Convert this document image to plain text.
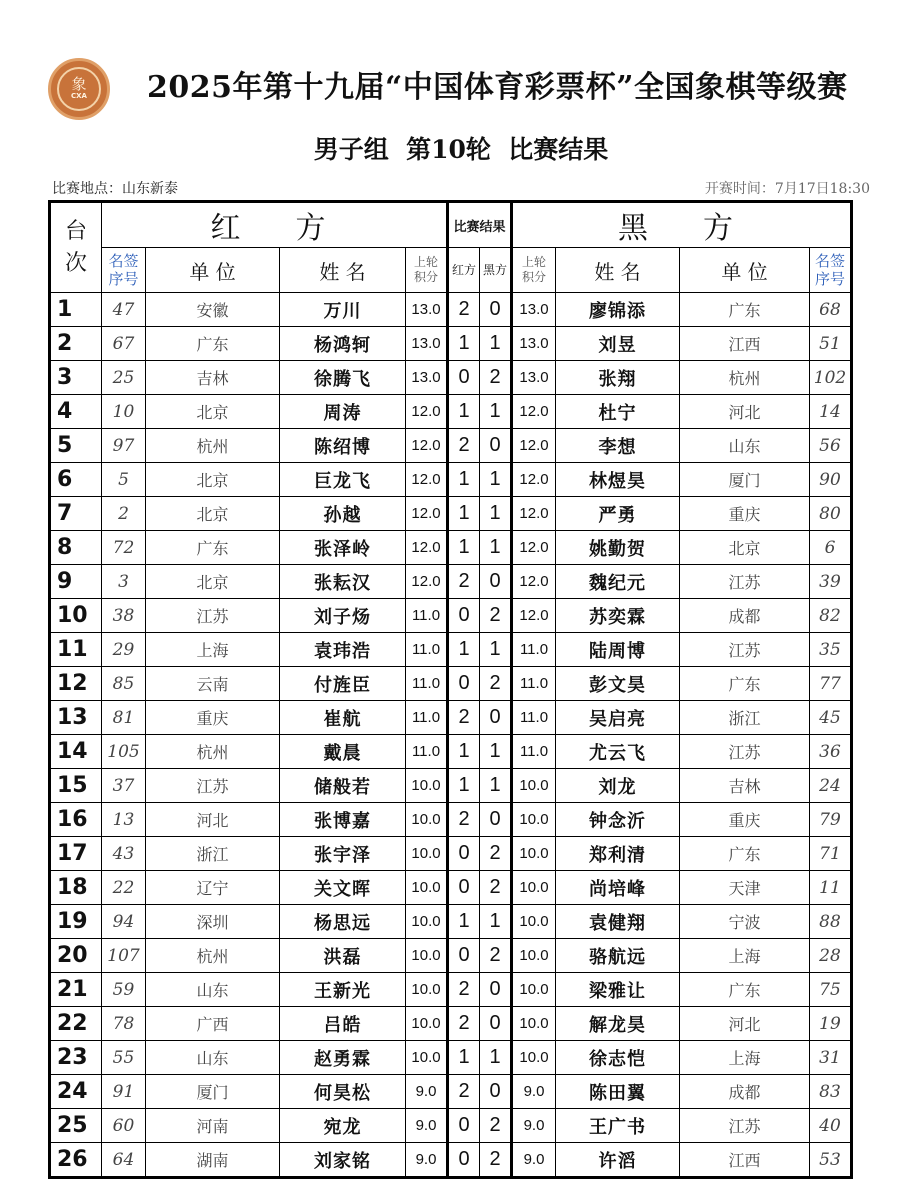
象
CXA 2025年第十九届“中国体育彩票杯”全国象棋等级赛
男子组  第10轮  比赛结果
比赛地点：山东新泰	开赛时间：7月17日18:30
台次	红  方				比赛结果		黑  方			

	名签序号	单 位	姓 名	上轮积分	红方	黑方	上轮积分	姓 名	单 位	名签序号

1	47	安徽	万川	13.0	2	0	13.0	廖锦添	广东	68
2	67	广东	杨鸿轲	13.0	1	1	13.0	刘昱	江西	51
3	25	吉林	徐腾飞	13.0	0	2	13.0	张翔	杭州	102
4	10	北京	周涛	12.0	1	1	12.0	杜宁	河北	14
5	97	杭州	陈绍博	12.0	2	0	12.0	李想	山东	56
6	5	北京	巨龙飞	12.0	1	1	12.0	林煜昊	厦门	90
7	2	北京	孙越	12.0	1	1	12.0	严勇	重庆	80
8	72	广东	张泽岭	12.0	1	1	12.0	姚勤贺	北京	6
9	3	北京	张耘汉	12.0	2	0	12.0	魏纪元	江苏	39
10	38	江苏	刘子炀	11.0	0	2	12.0	苏奕霖	成都	82
11	29	上海	袁玮浩	11.0	1	1	11.0	陆周博	江苏	35
12	85	云南	付旌臣	11.0	0	2	11.0	彭文昊	广东	77
13	81	重庆	崔航	11.0	2	0	11.0	吴启亮	浙江	45
14	105	杭州	戴晨	11.0	1	1	11.0	尤云飞	江苏	36
15	37	江苏	储般若	10.0	1	1	10.0	刘龙	吉林	24
16	13	河北	张博嘉	10.0	2	0	10.0	钟念沂	重庆	79
17	43	浙江	张宇泽	10.0	0	2	10.0	郑利清	广东	71
18	22	辽宁	关文晖	10.0	0	2	10.0	尚培峰	天津	11
19	94	深圳	杨思远	10.0	1	1	10.0	袁健翔	宁波	88
20	107	杭州	洪磊	10.0	0	2	10.0	骆航远	上海	28
21	59	山东	王新光	10.0	2	0	10.0	梁雅让	广东	75
22	78	广西	吕皓	10.0	2	0	10.0	解龙昊	河北	19
23	55	山东	赵勇霖	10.0	1	1	10.0	徐志恺	上海	31
24	91	厦门	何昊松	9.0	2	0	9.0	陈田翼	成都	83
25	60	河南	宛龙	9.0	0	2	9.0	王广书	江苏	40
26	64	湖南	刘家铭	9.0	0	2	9.0	许滔	江西	53
